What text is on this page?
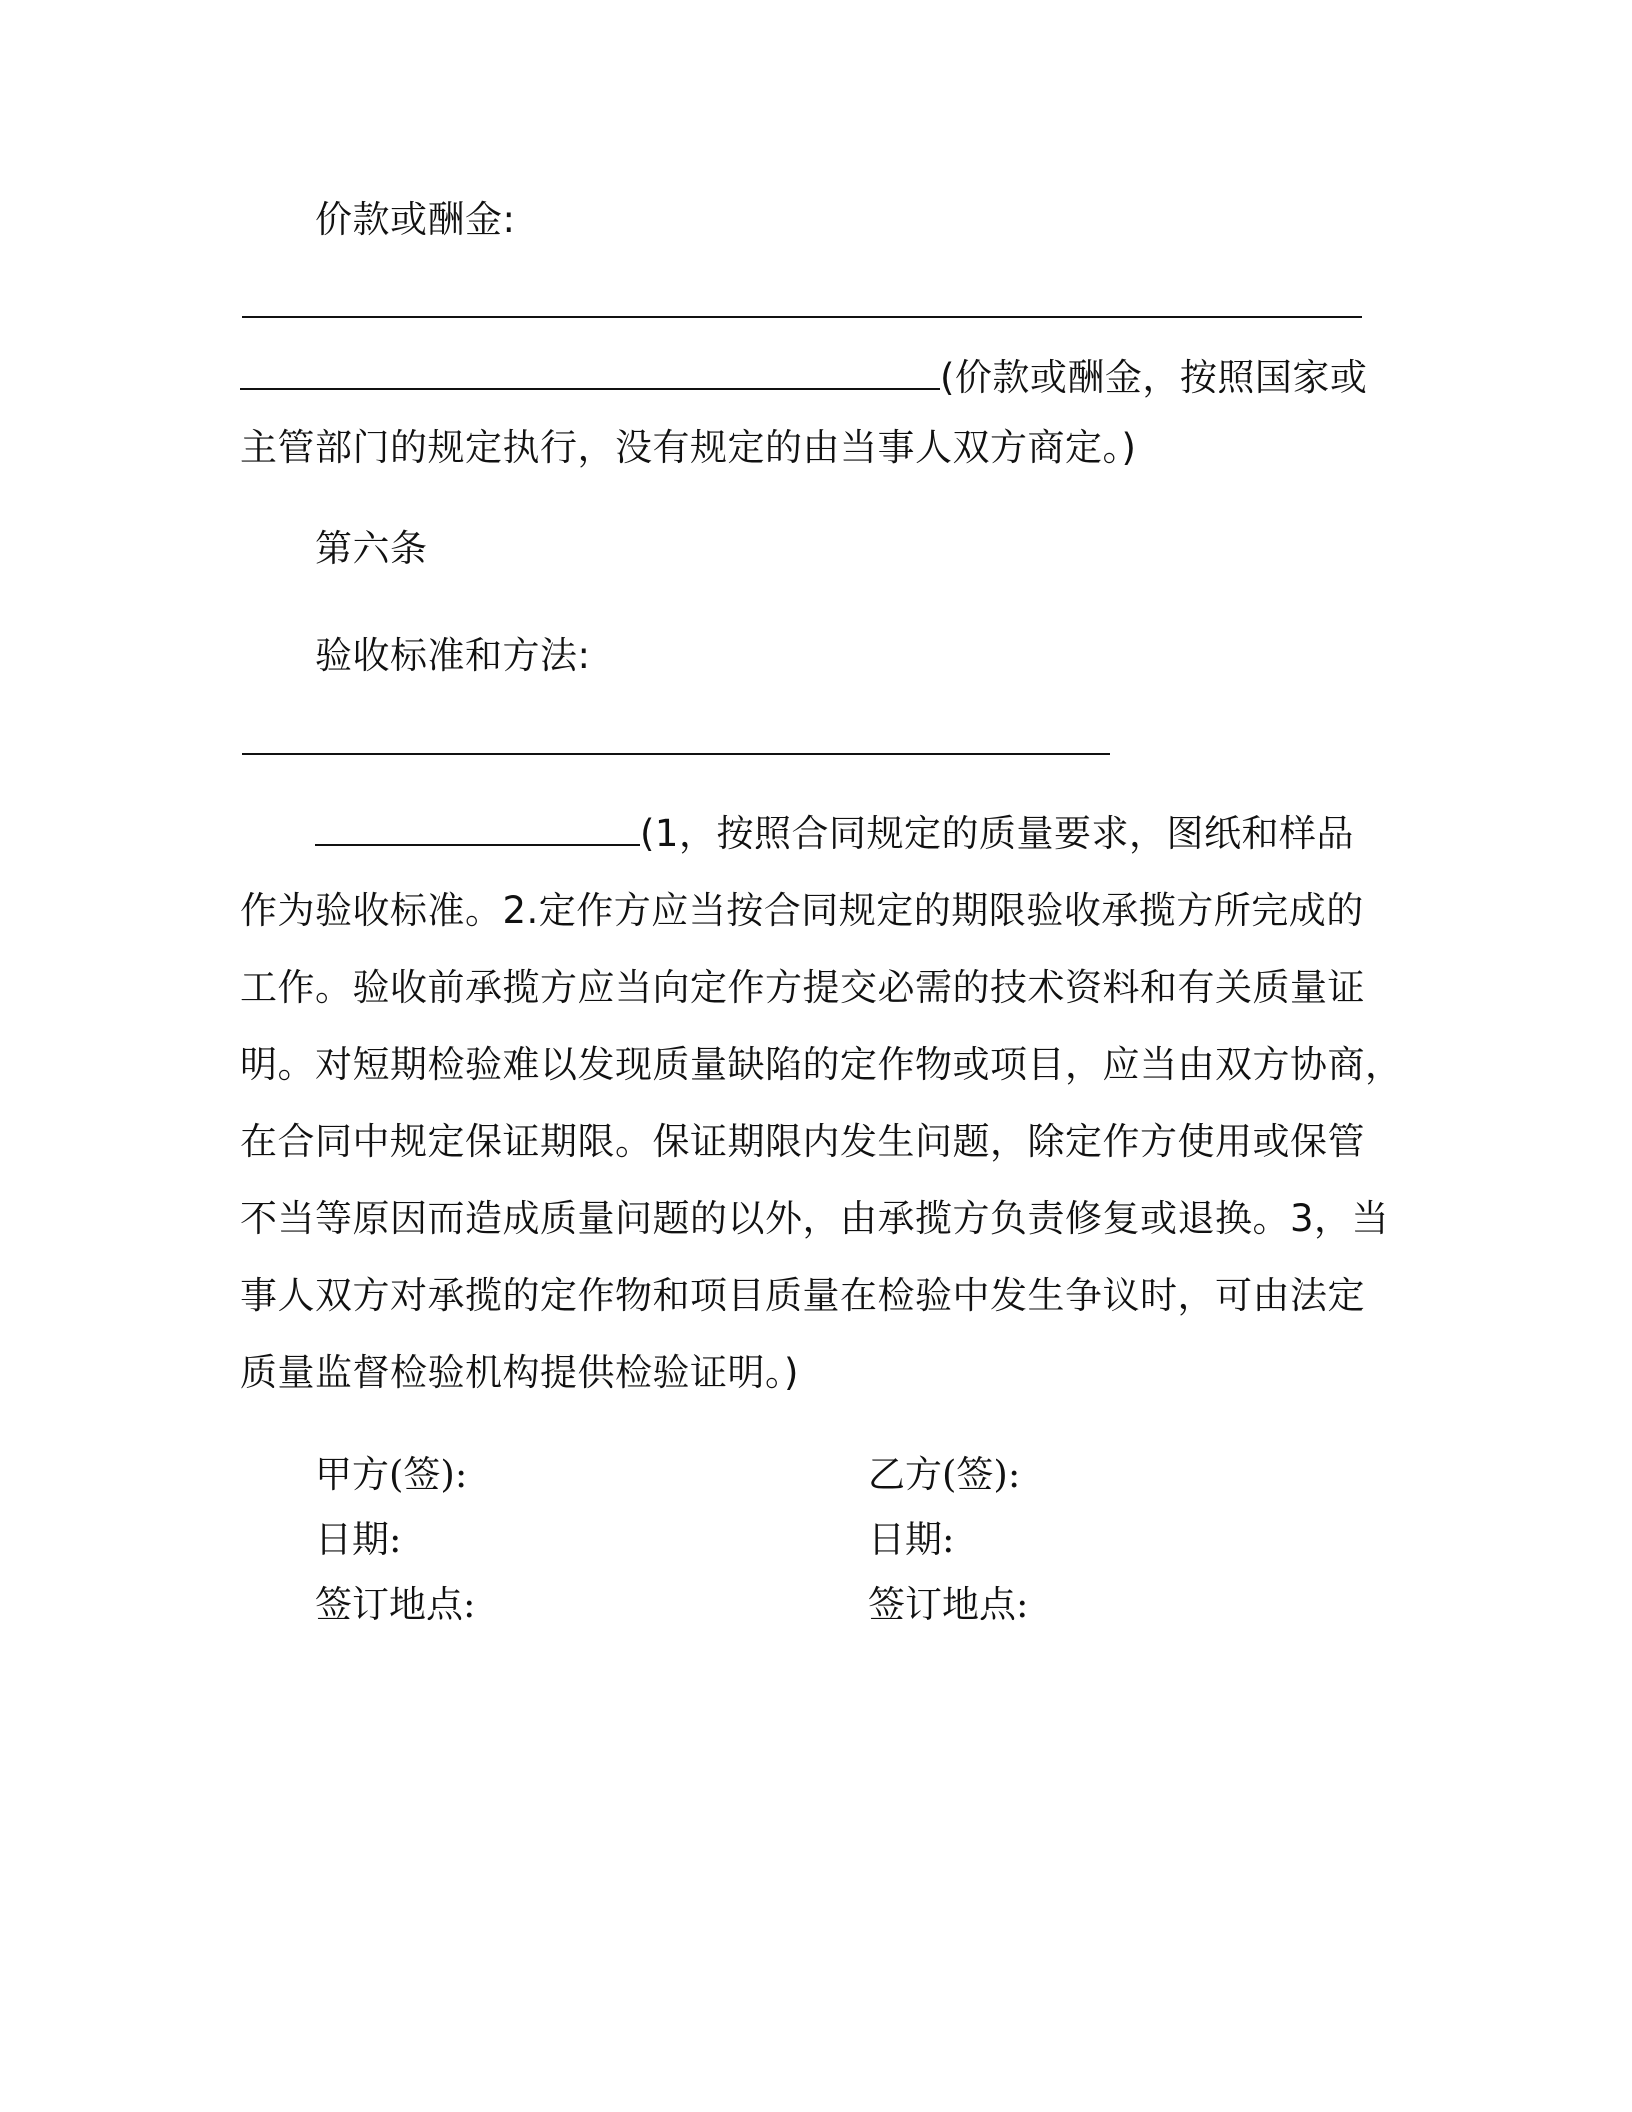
价款或酬金:
(价款或酬金，按照国家或
主管部门的规定执行，没有规定的由当事人双方商定。)
第六条
验收标准和方法:
(1，按照合同规定的质量要求，图纸和样品
作为验收标准。2.定作方应当按合同规定的期限验收承揽方所完成的
工作。验收前承揽方应当向定作方提交必需的技术资料和有关质量证
明。对短期检验难以发现质量缺陷的定作物或项目，应当由双方协商，
在合同中规定保证期限。保证期限内发生问题，除定作方使用或保管
不当等原因而造成质量问题的以外，由承揽方负责修复或退换。3，当
事人双方对承揽的定作物和项目质量在检验中发生争议时，可由法定
质量监督检验机构提供检验证明。)
甲方(签):	乙方(签):
日期:	日期:
签订地点:	签订地点:
